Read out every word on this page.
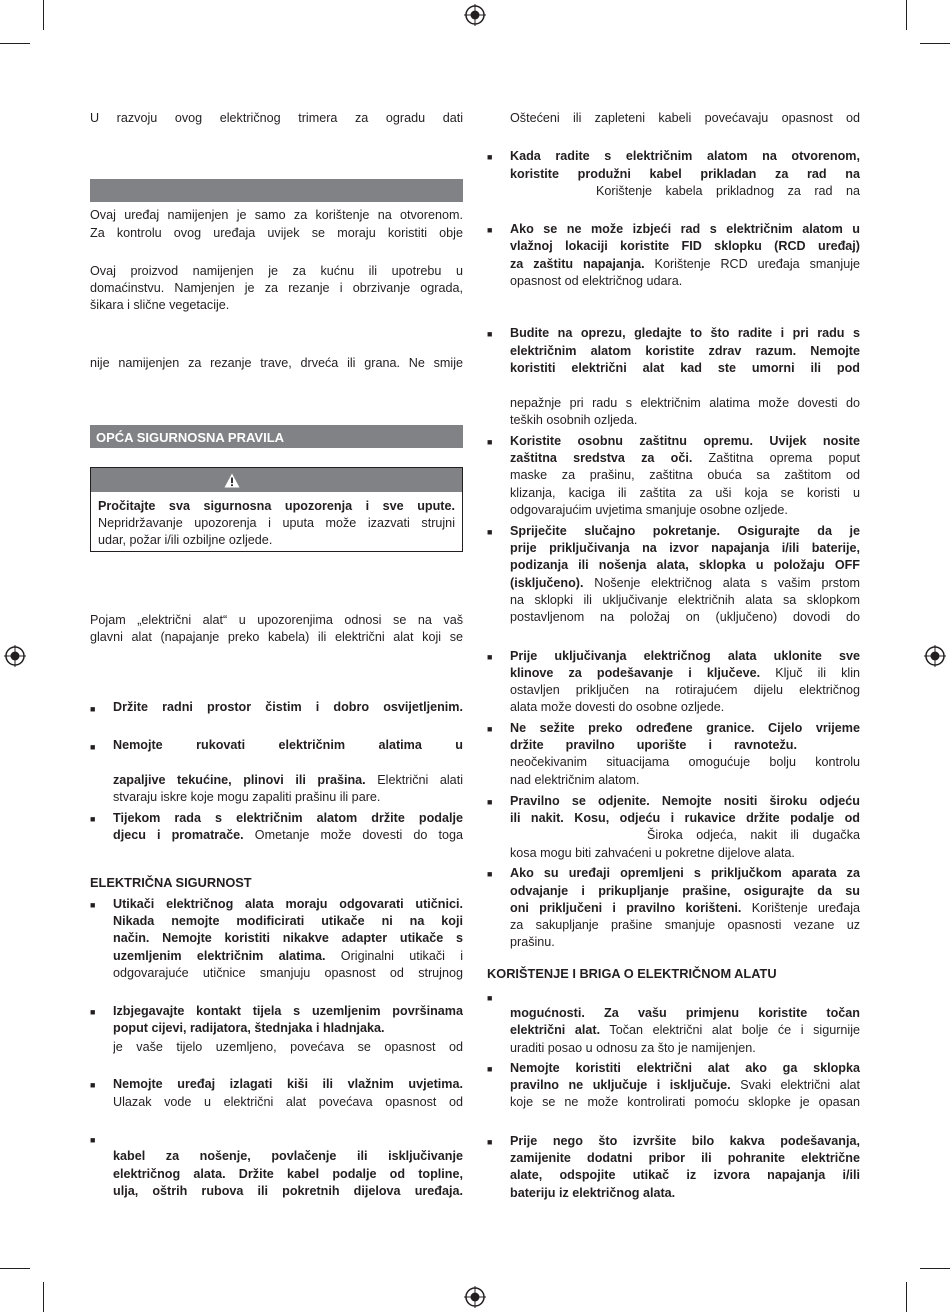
U razvoju ovog električnog trimera za ogradu dati
Ovaj uređaj namijenjen je samo za korištenje na otvorenom.
Za kontrolu ovog uređaja uvijek se moraju koristiti obje
Ovaj proizvod namijenjen je za kućnu ili upotrebu u
domaćinstvu. Namjenjen je za rezanje i obrzivanje ograda,
šikara i slične vegetacije.
nije namijenjen za rezanje trave, drveća ili grana. Ne smije
OPĆA SIGURNOSNA PRAVILA
Pročitajte sva sigurnosna upozorenja i sve upute.
Nepridržavanje upozorenja i uputa može izazvati strujni
udar, požar i/ili ozbiljne ozljede.
Pojam „električni alat“ u upozorenjima odnosi se na vaš
glavni alat (napajanje preko kabela) ili električni alat koji se
■ Držite radni prostor čistim i dobro osvijetljenim.
■ Nemojte rukovati električnim alatima u
zapaljive tekućine, plinovi ili prašina. Električni alati
stvaraju iskre koje mogu zapaliti prašinu ili pare.
■ Tijekom rada s električnim alatom držite podalje
djecu i promatrače. Ometanje može dovesti do toga
ELEKTRIČNA SIGURNOST
■ Utikači električnog alata moraju odgovarati utičnici.
Nikada nemojte modificirati utikače ni na koji
način. Nemojte koristiti nikakve adapter utikače s
uzemljenim električnim alatima. Originalni utikači i
odgovarajuće utičnice smanjuju opasnost od strujnog
■ Izbjegavajte kontakt tijela s uzemljenim površinama
poput cijevi, radijatora, štednjaka i hladnjaka.
je vaše tijelo uzemljeno, povećava se opasnost od
■ Nemojte uređaj izlagati kiši ili vlažnim uvjetima.
Ulazak vode u električni alat povećava opasnost od
■
kabel za nošenje, povlačenje ili isključivanje
električnog alata. Držite kabel podalje od topline,
ulja, oštrih rubova ili pokretnih dijelova uređaja.
Oštećeni ili zapleteni kabeli povećavaju opasnost od
■ Kada radite s električnim alatom na otvorenom,
koristite produžni kabel prikladan za rad na
Korištenje kabela prikladnog za rad na
■ Ako se ne može izbjeći rad s električnim alatom u
vlažnoj lokaciji koristite FID sklopku (RCD uređaj)
za zaštitu napajanja. Korištenje RCD uređaja smanjuje
opasnost od električnog udara.
■ Budite na oprezu, gledajte to što radite i pri radu s
električnim alatom koristite zdrav razum. Nemojte
koristiti električni alat kad ste umorni ili pod
nepažnje pri radu s električnim alatima može dovesti do
teških osobnih ozljeda.
■ Koristite osobnu zaštitnu opremu. Uvijek nosite
zaštitna sredstva za oči. Zaštitna oprema poput
maske za prašinu, zaštitna obuća sa zaštitom od
klizanja, kaciga ili zaštita za uši koja se koristi u
odgovarajućim uvjetima smanjuje osobne ozljede.
■ Spriječite slučajno pokretanje. Osigurajte da je
prije priključivanja na izvor napajanja i/ili baterije,
podizanja ili nošenja alata, sklopka u položaju OFF
(isključeno). Nošenje električnog alata s vašim prstom
na sklopki ili uključivanje električnih alata sa sklopkom
postavljenom na položaj on (uključeno) dovodi do
■ Prije uključivanja električnog alata uklonite sve
klinove za podešavanje i ključeve. Ključ ili klin
ostavljen priključen na rotirajućem dijelu električnog
alata može dovesti do osobne ozljede.
■ Ne sežite preko određene granice. Cijelo vrijeme
držite pravilno uporište i ravnotežu.
neočekivanim situacijama omogućuje bolju kontrolu
nad električnim alatom.
■ Pravilno se odjenite. Nemojte nositi široku odjeću
ili nakit. Kosu, odjeću i rukavice držite podalje od
Široka odjeća, nakit ili dugačka
kosa mogu biti zahvaćeni u pokretne dijelove alata.
■ Ako su uređaji opremljeni s priključkom aparata za
odvajanje i prikupljanje prašine, osigurajte da su
oni priključeni i pravilno korišteni. Korištenje uređaja
za sakupljanje prašine smanjuje opasnosti vezane uz
prašinu.
KORIŠTENJE I BRIGA O ELEKTRIČNOM ALATU
■
mogućnosti. Za vašu primjenu koristite točan
električni alat. Točan električni alat bolje će i sigurnije
uraditi posao u odnosu za što je namijenjen.
■ Nemojte koristiti električni alat ako ga sklopka
pravilno ne uključuje i isključuje. Svaki električni alat
koje se ne može kontrolirati pomoću sklopke je opasan
■ Prije nego što izvršite bilo kakva podešavanja,
zamijenite dodatni pribor ili pohranite električne
alate, odspojite utikač iz izvora napajanja i/ili
bateriju iz električnog alata.
